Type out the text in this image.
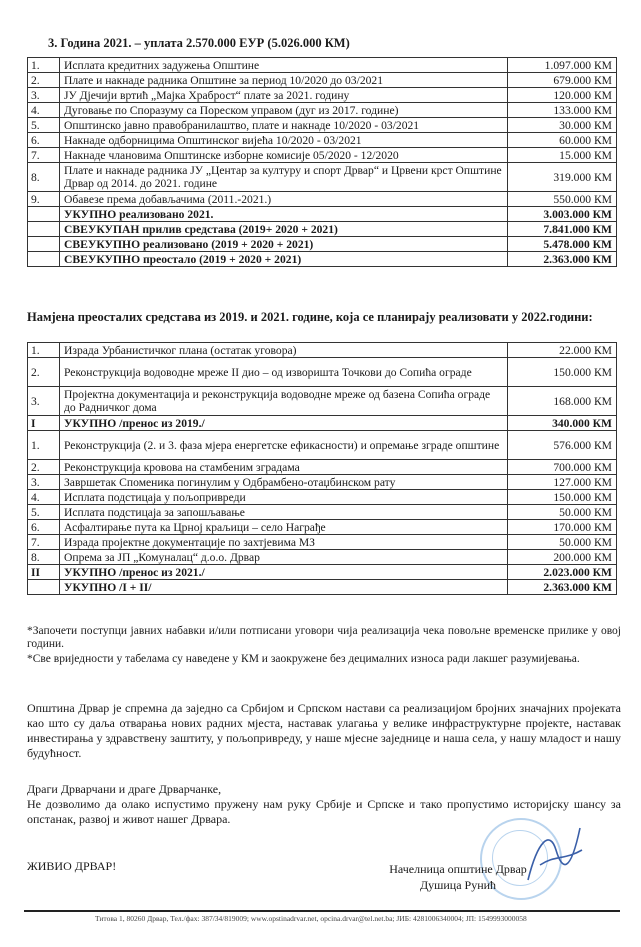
3. Година 2021. – уплата 2.570.000 ЕУР (5.026.000 КМ)
1.	Исплата кредитних задужења Општине	1.097.000 КМ
2.	Плате и накнаде радника Општине за период 10/2020 до 03/2021	679.000 КМ
3.	ЈУ Дјечији вртић „Мајка Храброст“ плате за 2021. годину	120.000 КМ
4.	Дуговање по Споразуму са Пореском управом (дуг из 2017. године)	133.000 КМ
5.	Општинско јавно правобранилаштво, плате и накнаде 10/2020 - 03/2021	30.000 КМ
6.	Накнаде одборницима Општинског вијећа 10/2020 - 03/2021	60.000 КМ
7.	Накнаде члановима Општинске изборне комисије 05/2020 - 12/2020	15.000 КМ
8.	Плате и накнаде радника ЈУ „Центар за културу и спорт Дрвар“ и Црвени крст Општине Дрвар од 2014. до 2021. године	319.000 КМ
9.	Обавезе према добављачима (2011.-2021.)	550.000 КМ
	УКУПНО реализовано 2021.	3.003.000 КМ
	СВЕУКУПАН прилив средстава (2019+ 2020 + 2021)	7.841.000 КМ
	СВЕУКУПНО реализовано (2019 + 2020 + 2021)	5.478.000 КМ
	СВЕУКУПНО преостало (2019 + 2020 + 2021)	2.363.000 КМ
Намјена преосталих средстава из 2019. и 2021. године, која се планирају реализовати у 2022.години:
1.	Израда Урбанистичког плана (остатак уговора)	22.000 КМ
2.	Реконструкција водоводне мреже II дио – од изворишта Точкови до Сопића ограде	150.000 КМ
3.	Пројектна документација и реконструкција водоводне мреже од базена Сопића ограде до Радничког дома	168.000 КМ
I	УКУПНО /пренос из 2019./	340.000 КМ
1.	Реконструкција (2. и 3. фаза мјера енергетске ефикасности) и опремање зграде општине	576.000 КМ
2.	Реконструкција кровова на стамбеним зградама	700.000 КМ
3.	Завршетак Споменика погинулим у Одбрамбено-отаџбинском рату	127.000 КМ
4.	Исплата подстицаја у пољопривреди	150.000 КМ
5.	Исплата подстицаја за запошљавање	50.000 КМ
6.	Асфалтирање пута ка Црној краљици – село Награђе	170.000 КМ
7.	Израда пројектне документације по захтјевима МЗ	50.000 КМ
8.	Опрема за ЈП „Комуналац“ д.о.о. Дрвар	200.000 КМ
II	УКУПНО /пренос из 2021./	2.023.000 КМ
	УКУПНО /I + II/	2.363.000 КМ
*Започети поступци јавних набавки и/или потписани уговори чија реализација чека повољне временске прилике у овој години.
*Све вриједности у табелама су наведене у КМ и заокружене без децималних износа ради лакшег разумијевања.
Општина Дрвар је спремна да заједно са Србијом и Српском настави са реализацијом бројних значајних пројеката као што су даља отварања нових радних мјеста, наставак улагања у велике инфраструктурне пројекте, наставак инвестирања у здравствену заштиту, у пољопривреду, у наше мјесне заједнице и наша села, у нашу младост и нашу будућност.
Драги Дрварчани и драге Дрварчанке,
Не дозволимо да олако испустимо пружену нам руку Србије и Српске и тако пропустимо историјску шансу за опстанак, развој и живот нашег Дрвара.
ЖИВИО ДРВАР!	Начелница општине Дрвар
Душица Рунић
Титова 1, 80260 Дрвар, Тел./фах: 387/34/819009; www.opstinadrvar.net, opcina.drvar@tel.net.ba; ЈИБ: 4281006340004; ЈП: 1549993000058
